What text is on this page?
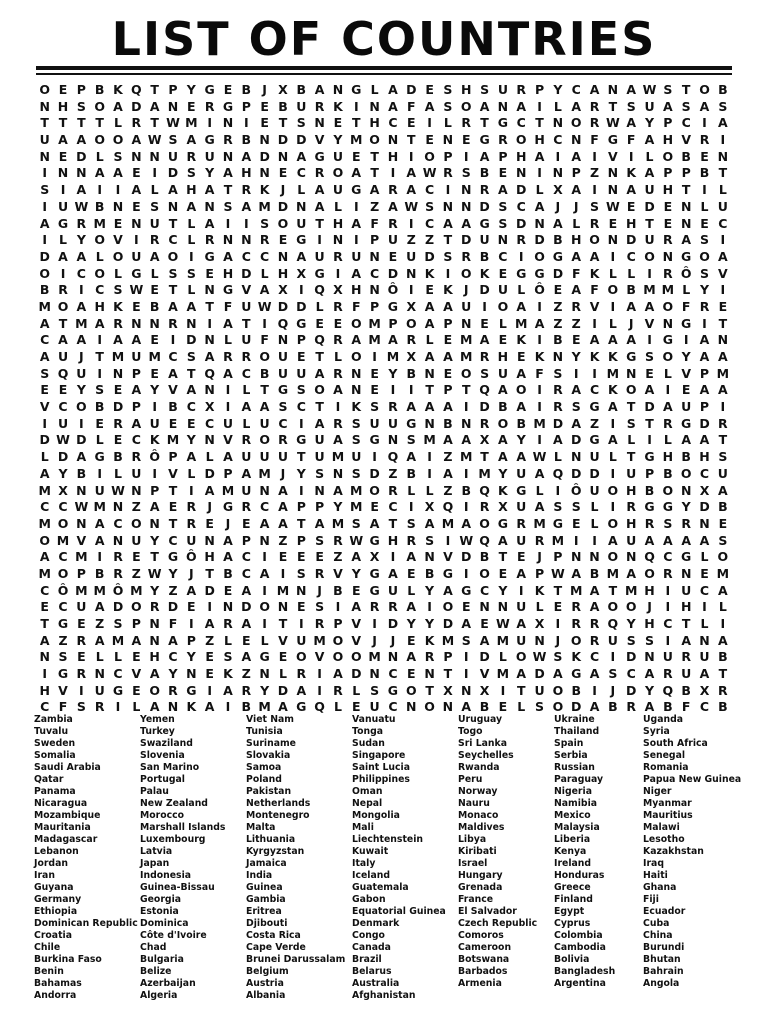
LIST OF COUNTRIES
O E P B K Q T P Y G E B J X B A N G L A D E S H S U R P Y C A N A W S T O B
N H S O A D A N E R G P E B U R K I N A F A S O A N A I L A R T S U A S A S
T T T T L R T W M I N I E T S N E T H C E I L R T G C T N O R W A Y P C I A
U A A O O A W S A G R B N D D V Y M O N T E N E G R O H C N F G F A H V R I
N E D L S N N U R U N A D N A G U E T H I O P I A P H A I A I V I L O B E N
I N N A A E I D S Y A H N E C R O A T I A W R S B E N I N P Z N K A P P B T
S I A I	I A L A H A T R K J L A U G A R A C I N R A D L X A I N A U H T I L
I U W B N E S N A N S A M D N A L I Z A W S N N D S C A J	J S W E D E N L U
A G R M E N U T L A I	I S O U T H A F R I C A A G S D N A L R E H T E N E C
I L Y O V I R C L R N N R E G I N I P U Z Z T D U N R D B H O N D U R A S I
D A A L O U A O I G A C C N A U R U N E U D S R B C I O G A A I C O N G O A
O I C O L G L S S E H D L H X G I A C D N K I O K E G G D F K L L I R Ô S V
B R I C S W E T L N G V A X I Q X H N Ô I E K J D U L Ô E A F O B M M L Y I
M O A H K E B A A T F U W D D L R F P G X A A U I O A I Z R V I A A O F R E
A T M A R N N R N I A T I Q G E E O M P O A P N E L M A Z Z I L J V N G I T
C A A I A A E I D N L U F N P Q R A M A R L E M A E K I B E A A A I G I A N
A U J T M U M C S A R R O U E T L O I M X A A M R H E K N Y K K G S O Y A A
S Q U I N P E A T Q A C B U U A R N E Y B N E O S U A F S I	I M N E L V P M
E E Y S E A Y V A N I L T G S O A N E I	I T P T Q A O I R A C K O A I E A A
V C O B D P I B C X I A A S C T I K S R A A A I D B A I R S G A T D A U P I
I U I E R A U E E C U L U C I A R S U U G N B N R O B M D A Z I S T R G D R
D W D L E C K M Y N V R O R G U A S G N S M A A X A Y I A D G A L I L A A T
L D A G B R Ô P A L A U U U T U M U I Q A I Z M T A A W L N U L T G H B H S
A Y B I L U I V L D P A M J Y S N S D Z B I A I M Y U A Q D D I U P B O C U
M X N U W N P T I A M U N A I N A M O R L L Z B Q K G L I Ô U O H B O N X A
C C W M N Z A E R J G R C A P P Y M E C I X Q I R X U A S S L I R G G Y D B
M O N A C O N T R E J E A A T A M S A T S A M A O G R M G E L O H R S R N E
O M V A N U Y C U N A P N Z P S R W G H R S I W Q A U R M I	I A U A A A A S
A C M I R E T G Ô H A C I E E E Z A X I A N V D B T E J P N N O N Q C G L O
M O P B R Z W Y J T B C A I S R V Y G A E B G I O E A P W A B M A O R N E M
C Ô M M Ô M Y Z A D E A I M N J B E G U L Y A G C Y I K T M A T M H I U C A
E C U A D O R D E I N D O N E S I A R R A I O E N N U L E R A O O J	I H I L
T G E Z S P N F I A R A I T I R P V I D Y Y D A E W A X I R R Q Y H C T L I
A Z R A M A N A P Z L E L V U M O V J	J E K M S A M U N J O R U S S I A N A
N S E L L E H C Y E S A G E O V O O M N A R P I D L O W S K C I D N U R U B
I G R N C V A Y N E K Z N L R I A D N C E N T I V M A D A G A S C A R U A T
H V I U G E O R G I A R Y D A I R L S G O T X N X I T U O B I	J D Y Q B X R
C F S R I L A N K A I B M A G Q L E U C N O N A B E L S O D A B R A B F C B
Zambia
Tuvalu
Sweden
Somalia
Saudi Arabia
Qatar
Panama
Nicaragua
Mozambique
Mauritania
Madagascar
Lebanon
Jordan
Iran
Guyana
Germany
Ethiopia
Dominican Republic
Croatia
Chile
Burkina Faso
Benin
Bahamas
Andorra
Yemen
Turkey
Swaziland
Slovenia
San Marino
Portugal
Palau
New Zealand
Morocco
Marshall Islands
Luxembourg
Latvia
Japan
Indonesia
Guinea-Bissau
Georgia
Estonia
Dominica
Côte d'Ivoire
Chad
Bulgaria
Belize
Azerbaijan
Algeria
Viet Nam
Tunisia
Suriname
Slovakia
Samoa
Poland
Pakistan
Netherlands
Montenegro
Malta
Lithuania
Kyrgyzstan
Jamaica
India
Guinea
Gambia
Eritrea
Djibouti
Costa Rica
Cape Verde
Brunei Darussalam
Belgium
Austria
Albania
Vanuatu
Tonga
Sudan
Singapore
Saint Lucia
Philippines
Oman
Nepal
Mongolia
Mali
Liechtenstein
Kuwait
Italy
Iceland
Guatemala
Gabon
Equatorial Guinea
Denmark
Congo
Canada
Brazil
Belarus
Australia
Afghanistan
Uruguay
Togo
Sri Lanka
Seychelles
Rwanda
Peru
Norway
Nauru
Monaco
Maldives
Libya
Kiribati
Israel
Hungary
Grenada
France
El Salvador
Czech Republic
Comoros
Cameroon
Botswana
Barbados
Armenia
Ukraine
Thailand
Spain
Serbia
Russian
Paraguay
Nigeria
Namibia
Mexico
Malaysia
Liberia
Kenya
Ireland
Honduras
Greece
Finland
Egypt
Cyprus
Colombia
Cambodia
Bolivia
Bangladesh
Argentina
Uganda
Syria
South Africa
Senegal
Romania
Papua New Guinea
Niger
Myanmar
Mauritius
Malawi
Lesotho
Kazakhstan
Iraq
Haiti
Ghana
Fiji
Ecuador
Cuba
China
Burundi
Bhutan
Bahrain
Angola
